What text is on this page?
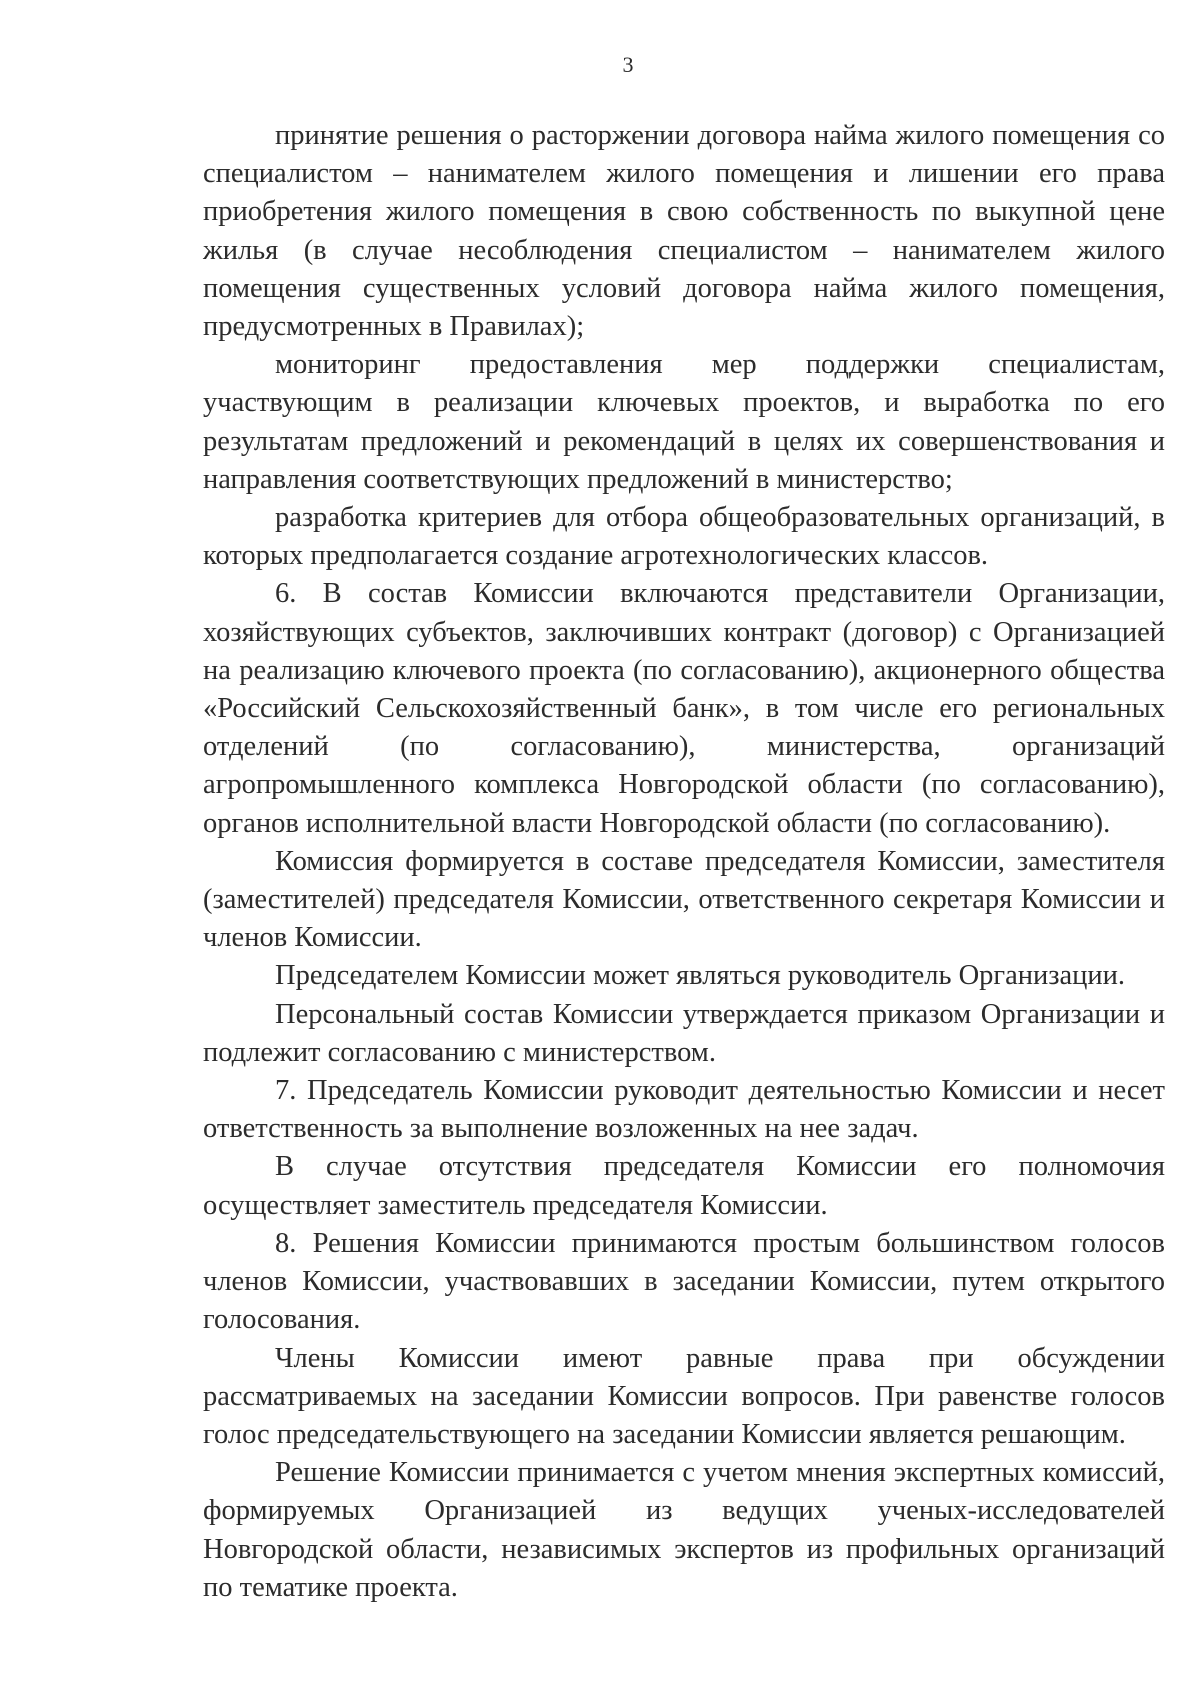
3

принятие решения о расторжении договора найма жилого помещения со специалистом – нанимателем жилого помещения и лишении его права приобретения жилого помещения в свою собственность по выкупной цене жилья (в случае несоблюдения специалистом – нанимателем жилого помещения существенных условий договора найма жилого помещения, предусмотренных в Правилах);

мониторинг предоставления мер поддержки специалистам, участвующим в реализации ключевых проектов, и выработка по его результатам предложений и рекомендаций в целях их совершенствования и направления соответствующих предложений в министерство;

разработка критериев для отбора общеобразовательных организаций, в которых предполагается создание агротехнологических классов.

6. В состав Комиссии включаются представители Организации, хозяйствующих субъектов, заключивших контракт (договор) с Организацией на реализацию ключевого проекта (по согласованию), акционерного общества «Российский Сельскохозяйственный банк», в том числе его региональных отделений (по согласованию), министерства, организаций агропромышленного комплекса Новгородской области (по согласованию), органов исполнительной власти Новгородской области (по согласованию).

Комиссия формируется в составе председателя Комиссии, заместителя (заместителей) председателя Комиссии, ответственного секретаря Комиссии и членов Комиссии.

Председателем Комиссии может являться руководитель Организации.

Персональный состав Комиссии утверждается приказом Организации и подлежит согласованию с министерством.

7. Председатель Комиссии руководит деятельностью Комиссии и несет ответственность за выполнение возложенных на нее задач.

В случае отсутствия председателя Комиссии его полномочия осуществляет заместитель председателя Комиссии.

8. Решения Комиссии принимаются простым большинством голосов членов Комиссии, участвовавших в заседании Комиссии, путем открытого голосования.

Члены Комиссии имеют равные права при обсуждении рассматриваемых на заседании Комиссии вопросов. При равенстве голосов голос председательствующего на заседании Комиссии является решающим.

Решение Комиссии принимается с учетом мнения экспертных комиссий, формируемых Организацией из ведущих ученых-исследователей Новгородской области, независимых экспертов из профильных организаций по тематике проекта.
